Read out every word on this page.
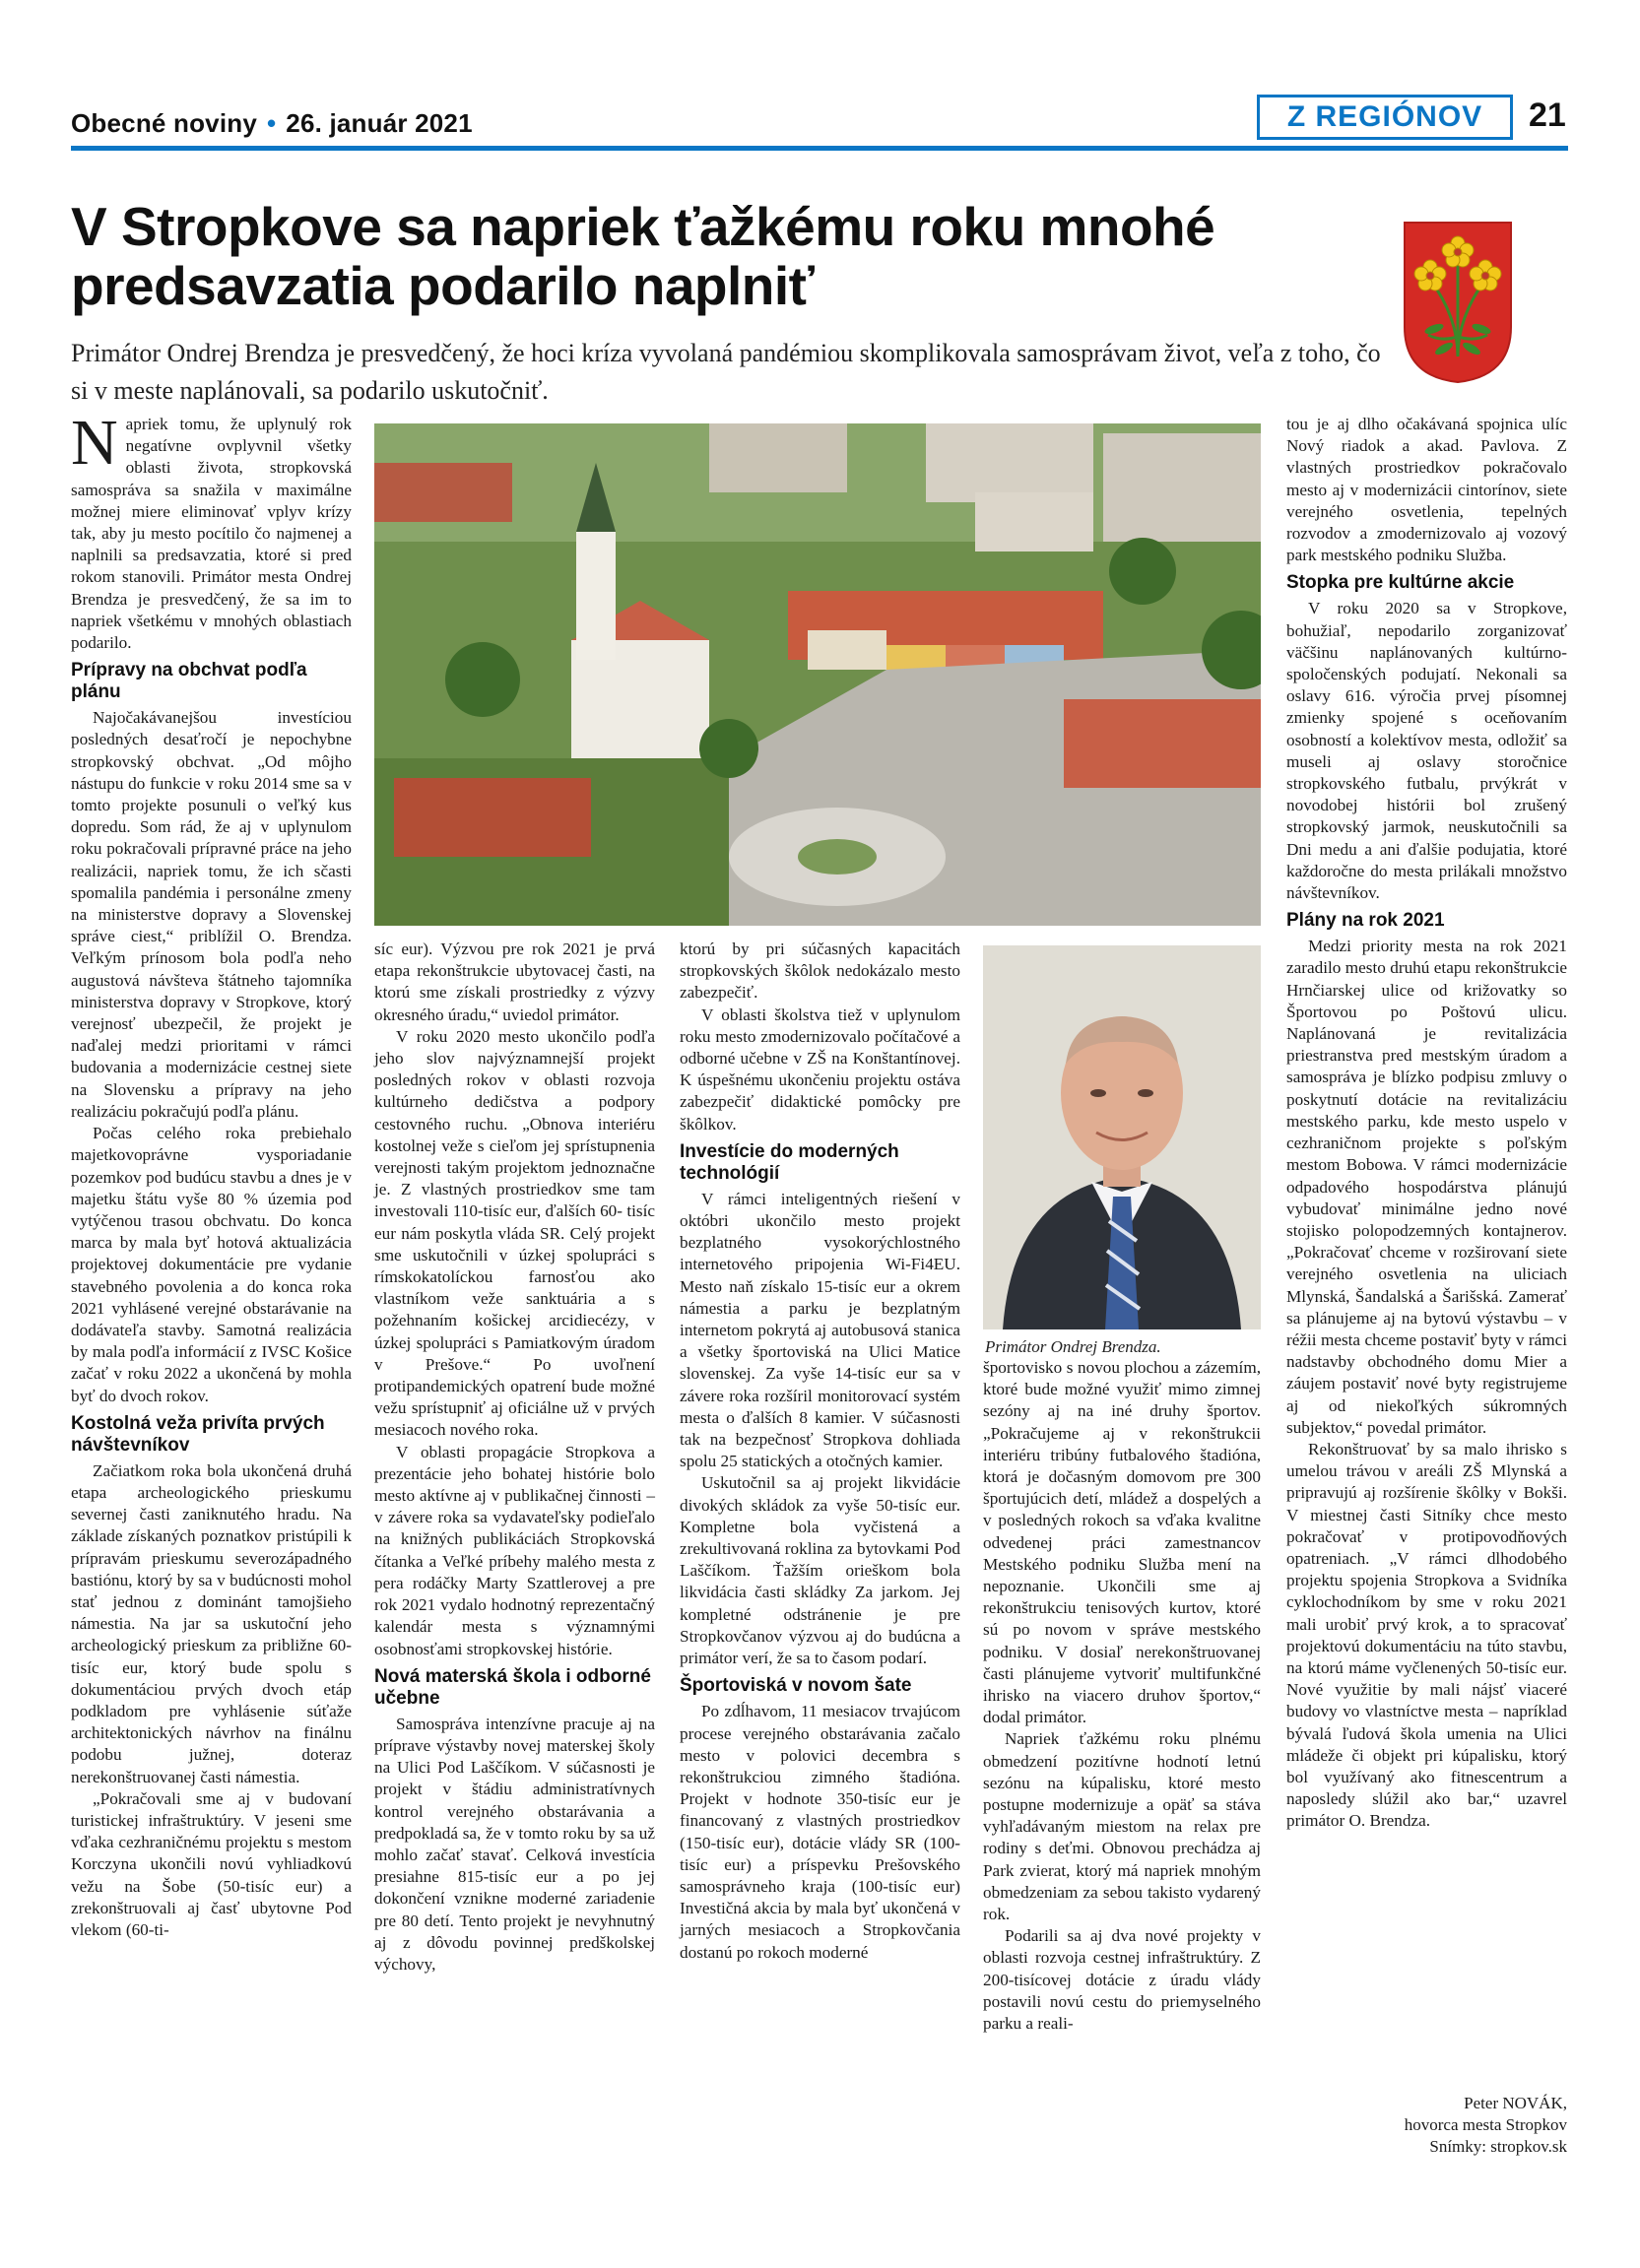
Obecné noviny • 26. január 2021	Z REGIÓNOV	21
V Stropkove sa napriek ťažkému roku mnohé predsavzatia podarilo naplniť
Primátor Ondrej Brendza je presvedčený, že hoci kríza vyvolaná pandémiou skomplikovala samosprávam život, veľa z toho, čo si v meste naplánovali, sa podarilo uskutočniť.

Napriek tomu, že uplynulý rok negatívne ovplyvnil všetky oblasti života, stropkovská samospráva sa snažila v maximálne možnej miere eliminovať vplyv krízy tak, aby ju mesto pocítilo čo najmenej a naplnili sa predsavzatia, ktoré si pred rokom stanovili. Primátor mesta Ondrej Brendza je presvedčený, že sa im to napriek všetkému v mnohých oblastiach podarilo.

Prípravy na obchvat podľa plánu

Najočakávanejšou investíciou posledných desaťročí je nepochybne stropkovský obchvat. „Od môjho nástupu do funkcie v roku 2014 sme sa v tomto projekte posunuli o veľký kus dopredu. Som rád, že aj v uplynulom roku pokračovali prípravné práce na jeho realizácii, napriek tomu, že ich sčasti spomalila pandémia i personálne zmeny na ministerstve dopravy a Slovenskej správe ciest,“ priblížil O. Brendza. Veľkým prínosom bola podľa neho augustová návšteva štátneho tajomníka ministerstva dopravy v Stropkove, ktorý verejnosť ubezpečil, že projekt je naďalej medzi prioritami v rámci budovania a modernizácie cestnej siete na Slovensku a prípravy na jeho realizáciu pokračujú podľa plánu.

Počas celého roka prebiehalo majetkovoprávne vysporiadanie pozemkov pod budúcu stavbu a dnes je v majetku štátu vyše 80 % územia pod vytýčenou trasou obchvatu. Do konca marca by mala byť hotová aktualizácia projektovej dokumentácie pre vydanie stavebného povolenia a do konca roka 2021 vyhlásené verejné obstarávanie na dodávateľa stavby. Samotná realizácia by mala podľa informácií z IVSC Košice začať v roku 2022 a ukončená by mohla byť do dvoch rokov.

Kostolná veža privíta prvých návštevníkov

Začiatkom roka bola ukončená druhá etapa archeologického prieskumu severnej časti zaniknutého hradu. Na základe získaných poznatkov pristúpili k prípravám prieskumu severozápadného bastiónu, ktorý by sa v budúcnosti mohol stať jednou z dominánt tamojšieho námestia. Na jar sa uskutoční jeho archeologický prieskum za približne 60-tisíc eur, ktorý bude spolu s dokumentáciou prvých dvoch etáp podkladom pre vyhlásenie súťaže architektonických návrhov na finálnu podobu južnej, doteraz nerekonštruovanej časti námestia.

„Pokračovali sme aj v budovaní turistickej infraštruktúry. V jeseni sme vďaka cezhraničnému projektu s mestom Korczyna ukončili novú vyhliadkovú vežu na Šobe (50-tisíc eur) a zrekonštruovali aj časť ubytovne Pod vlekom (60-ti-

síc eur). Výzvou pre rok 2021 je prvá etapa rekonštrukcie ubytovacej časti, na ktorú sme získali prostriedky z výzvy okresného úradu,“ uviedol primátor.

V roku 2020 mesto ukončilo podľa jeho slov najvýznamnejší projekt posledných rokov v oblasti rozvoja kultúrneho dedičstva a podpory cestovného ruchu. „Obnova interiéru kostolnej veže s cieľom jej sprístupnenia verejnosti takým projektom jednoznačne je. Z vlastných prostriedkov sme tam investovali 110-tisíc eur, ďalších 60- tisíc eur nám poskytla vláda SR. Celý projekt sme uskutočnili v úzkej spolupráci s rímskokatolíckou farnosťou ako vlastníkom veže sanktuária a s požehnaním košickej arcidiecézy, v úzkej spolupráci s Pamiatkovým úradom v Prešove.“ Po uvoľnení protipandemických opatrení bude možné vežu sprístupniť aj oficiálne už v prvých mesiacoch nového roka.

V oblasti propagácie Stropkova a prezentácie jeho bohatej histórie bolo mesto aktívne aj v publikačnej činnosti – v závere roka sa vydavateľsky podieľalo na knižných publikáciách Stropkovská čítanka a Veľké príbehy malého mesta z pera rodáčky Marty Szattlerovej a pre rok 2021 vydalo hodnotný reprezentačný kalendár mesta s významnými osobnosťami stropkovskej histórie.

Nová materská škola i odborné učebne

Samospráva intenzívne pracuje aj na príprave výstavby novej materskej školy na Ulici Pod Laščíkom. V súčasnosti je projekt v štádiu administratívnych kontrol verejného obstarávania a predpokladá sa, že v tomto roku by sa už mohlo začať stavať. Celková investícia presiahne 815-tisíc eur a po jej dokončení vznikne moderné zariadenie pre 80 detí. Tento projekt je nevyhnutný aj z dôvodu povinnej predškolskej výchovy,

ktorú by pri súčasných kapacitách stropkovských škôlok nedokázalo mesto zabezpečiť.

V oblasti školstva tiež v uplynulom roku mesto zmodernizovalo počítačové a odborné učebne v ZŠ na Konštantínovej. K úspešnému ukončeniu projektu ostáva zabezpečiť didaktické pomôcky pre škôlkov.

Investície do moderných technológií

V rámci inteligentných riešení v októbri ukončilo mesto projekt bezplatného vysokorýchlostného internetového pripojenia Wi-Fi4EU. Mesto naň získalo 15-tisíc eur a okrem námestia a parku je bezplatným internetom pokrytá aj autobusová stanica a všetky športoviská na Ulici Matice slovenskej. Za vyše 14-tisíc eur sa v závere roka rozšíril monitorovací systém mesta o ďalších 8 kamier. V súčasnosti tak na bezpečnosť Stropkova dohliada spolu 25 statických a otočných kamier.

Uskutočnil sa aj projekt likvidácie divokých skládok za vyše 50-tisíc eur. Kompletne bola vyčistená a zrekultivovaná roklina za bytovkami Pod Laščíkom. Ťažším orieškom bola likvidácia časti skládky Za jarkom. Jej kompletné odstránenie je pre Stropkovčanov výzvou aj do budúcna a primátor verí, že sa to časom podarí.

Športoviská v novom šate

Po zdĺhavom, 11 mesiacov trvajúcom procese verejného obstarávania začalo mesto v polovici decembra s rekonštrukciou zimného štadióna. Projekt v hodnote 350-tisíc eur je financovaný z vlastných prostriedkov (150-tisíc eur), dotácie vlády SR (100-tisíc eur) a príspevku Prešovského samosprávneho kraja (100-tisíc eur) Investičná akcia by mala byť ukončená v jarných mesiacoch a Stropkovčania dostanú po rokoch moderné

Primátor Ondrej Brendza.

športovisko s novou plochou a zázemím, ktoré bude možné využiť mimo zimnej sezóny aj na iné druhy športov. „Pokračujeme aj v rekonštrukcii interiéru tribúny futbalového štadióna, ktorá je dočasným domovom pre 300 športujúcich detí, mládež a dospelých a v posledných rokoch sa vďaka kvalitne odvedenej práci zamestnancov Mestského podniku Služba mení na nepoznanie. Ukončili sme aj rekonštrukciu tenisových kurtov, ktoré sú po novom v správe mestského podniku. V dosiaľ nerekonštruovanej časti plánujeme vytvoriť multifunkčné ihrisko na viacero druhov športov,“ dodal primátor.

Napriek ťažkému roku plnému obmedzení pozitívne hodnotí letnú sezónu na kúpalisku, ktoré mesto postupne modernizuje a opäť sa stáva vyhľadávaným miestom na relax pre rodiny s deťmi. Obnovou prechádza aj Park zvierat, ktorý má napriek mnohým obmedzeniam za sebou takisto vydarený rok.

Podarili sa aj dva nové projekty v oblasti rozvoja cestnej infraštruktúry. Z 200-tisícovej dotácie z úradu vlády postavili novú cestu do priemyselného parku a reali-

tou je aj dlho očakávaná spojnica ulíc Nový riadok a akad. Pavlova. Z vlastných prostriedkov pokračovalo mesto aj v modernizácii cintorínov, siete verejného osvetlenia, tepelných rozvodov a zmodernizovalo aj vozový park mestského podniku Služba.

Stopka pre kultúrne akcie

V roku 2020 sa v Stropkove, bohužiaľ, nepodarilo zorganizovať väčšinu naplánovaných kultúrno-spoločenských podujatí. Nekonali sa oslavy 616. výročia prvej písomnej zmienky spojené s oceňovaním osobností a kolektívov mesta, odložiť sa museli aj oslavy storočnice stropkovského futbalu, prvýkrát v novodobej histórii bol zrušený stropkovský jarmok, neuskutočnili sa Dni medu a ani ďalšie podujatia, ktoré každoročne do mesta prilákali množstvo návštevníkov.

Plány na rok 2021

Medzi priority mesta na rok 2021 zaradilo mesto druhú etapu rekonštrukcie Hrnčiarskej ulice od križovatky so Športovou po Poštovú ulicu. Naplánovaná je revitalizácia priestranstva pred mestským úradom a samospráva je blízko podpisu zmluvy o poskytnutí dotácie na revitalizáciu mestského parku, kde mesto uspelo v cezhraničnom projekte s poľským mestom Bobowa. V rámci modernizácie odpadového hospodárstva plánujú vybudovať minimálne jedno nové stojisko polopodzemných kontajnerov. „Pokračovať chceme v rozširovaní siete verejného osvetlenia na uliciach Mlynská, Šandalská a Šarišská. Zamerať sa plánujeme aj na bytovú výstavbu – v réžii mesta chceme postaviť byty v rámci nadstavby obchodného domu Mier a záujem postaviť nové byty registrujeme aj od niekoľkých súkromných subjektov,“ povedal primátor.

Rekonštruovať by sa malo ihrisko s umelou trávou v areáli ZŠ Mlynská a pripravujú aj rozšírenie škôlky v Bokši. V miestnej časti Sitníky chce mesto pokračovať v protipovodňových opatreniach. „V rámci dlhodobého projektu spojenia Stropkova a Svidníka cyklochodníkom by sme v roku 2021 mali urobiť prvý krok, a to spracovať projektovú dokumentáciu na túto stavbu, na ktorú máme vyčlenených 50-tisíc eur. Nové využitie by mali nájsť viaceré budovy vo vlastníctve mesta – napríklad bývalá ľudová škola umenia na Ulici mládeže či objekt pri kúpalisku, ktorý bol využívaný ako fitnescentrum a naposledy slúžil ako bar,“ uzavrel primátor O. Brendza.

Peter NOVÁK,
hovorca mesta Stropkov
Snímky: stropkov.sk
